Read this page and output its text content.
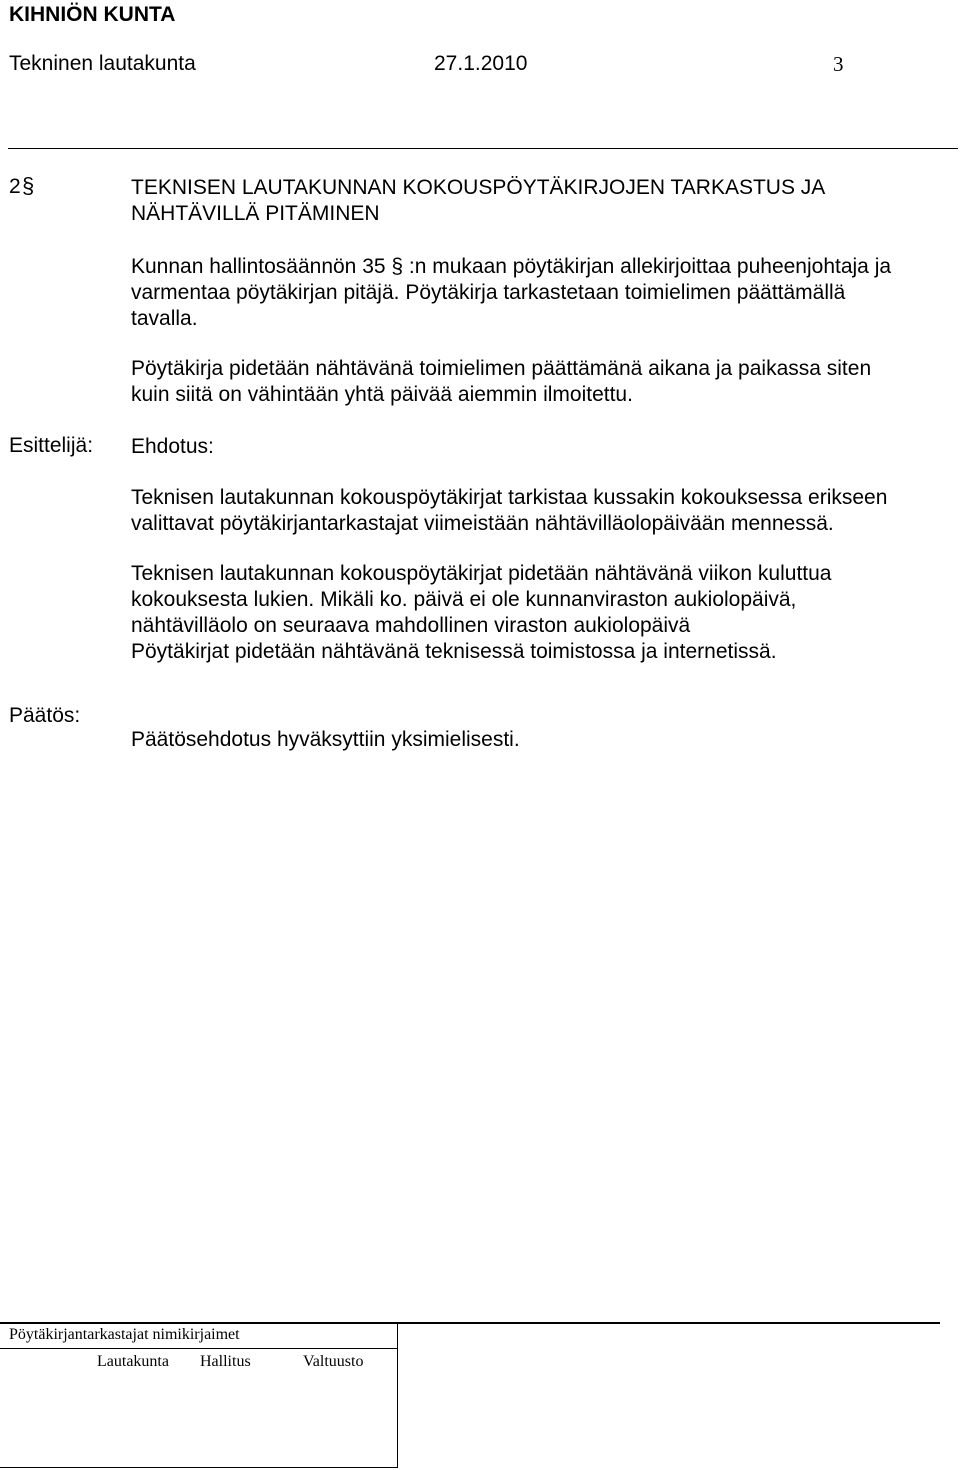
KIHNIÖN KUNTA
Tekninen lautakunta	27.1.2010	3
2 §	TEKNISEN LAUTAKUNNAN KOKOUSPÖYTÄKIRJOJEN TARKASTUS JA
NÄHTÄVILLÄ PITÄMINEN
Kunnan hallintosäännön 35 § :n mukaan pöytäkirjan allekirjoittaa puheenjohtaja ja
varmentaa pöytäkirjan pitäjä. Pöytäkirja tarkastetaan toimielimen päättämällä
tavalla.
Pöytäkirja pidetään nähtävänä toimielimen päättämänä aikana ja paikassa siten
kuin siitä on vähintään yhtä päivää aiemmin ilmoitettu.
Esittelijä: Ehdotus:
Teknisen lautakunnan kokouspöytäkirjat tarkistaa kussakin kokouksessa erikseen
valittavat pöytäkirjantarkastajat viimeistään nähtävilläolopäivään mennessä.
Teknisen lautakunnan kokouspöytäkirjat pidetään nähtävänä viikon kuluttua
kokouksesta lukien. Mikäli ko. päivä ei ole kunnanviraston aukiolopäivä,
nähtävilläolo on seuraava mahdollinen viraston aukiolopäivä
Pöytäkirjat pidetään nähtävänä teknisessä toimistossa ja internetissä.
Päätös:
Päätösehdotus hyväksyttiin yksimielisesti.
Pöytäkirjantarkastajat nimikirjaimet
Lautakunta Hallitus	Valtuusto
